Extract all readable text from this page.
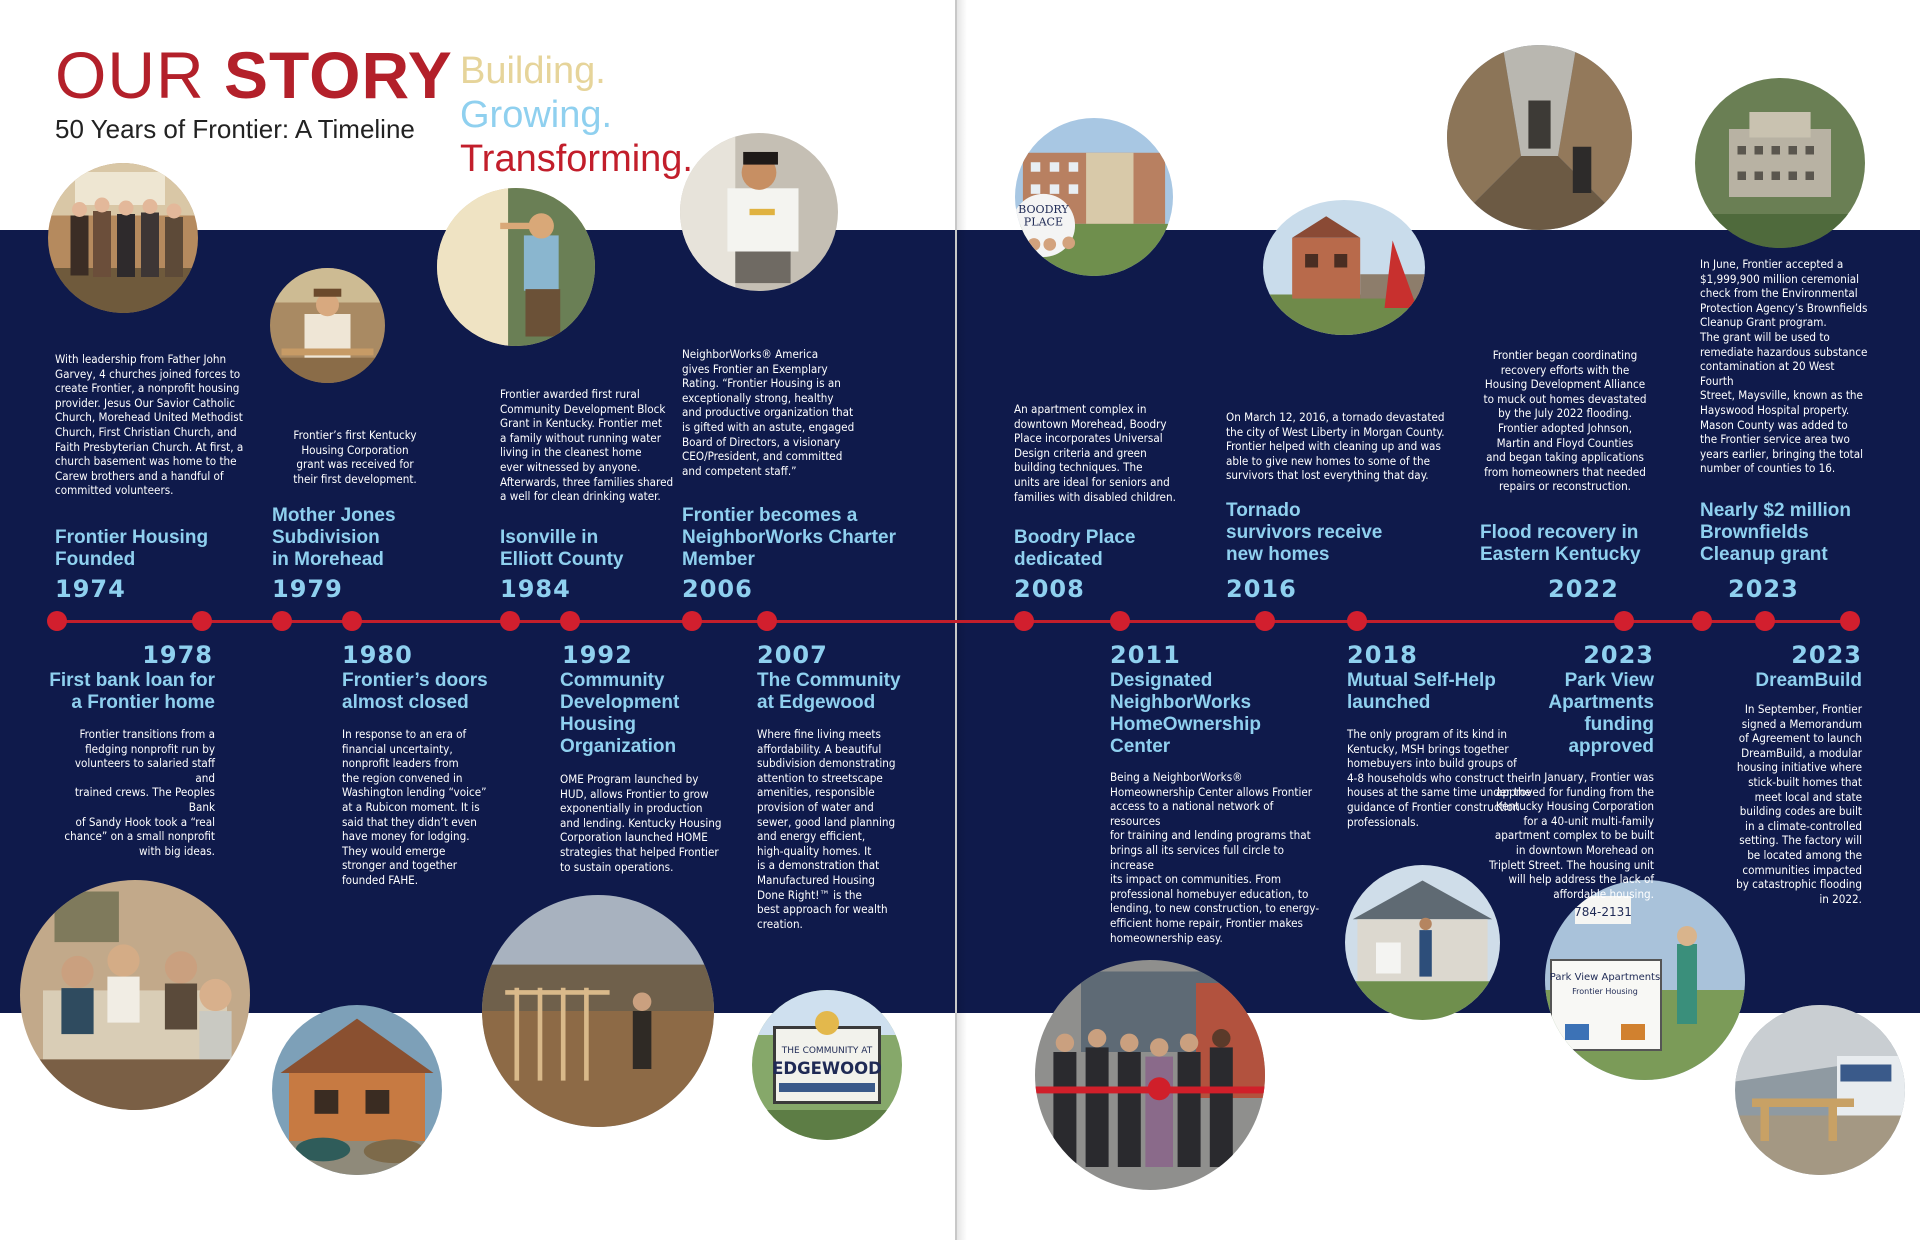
OUR STORY
50 Years of Frontier: A Timeline
Building.
Growing.
Transforming.
BOODRY
PLACE
THE COMMUNITY AT
EDGEWOOD
784-2131
Park View Apartments
Frontier Housing
With leadership from Father John
Garvey, 4 churches joined forces to
create Frontier, a nonprofit housing
provider. Jesus Our Savior Catholic
Church, Morehead United Methodist
Church, First Christian Church, and
Faith Presbyterian Church. At first, a
church basement was home to the
Carew brothers and a handful of
committed volunteers.
Frontier Housing
Founded
1974
Frontier’s first Kentucky
Housing Corporation
grant was received for
their first development.
Mother Jones
Subdivision
in Morehead
1979
Frontier awarded first rural
Community Development Block
Grant in Kentucky. Frontier met
a family without running water
living in the cleanest home
ever witnessed by anyone.
Afterwards, three families shared
a well for clean drinking water.
Isonville in
Elliott County
1984
NeighborWorks® America
gives Frontier an Exemplary
Rating. “Frontier Housing is an
exceptionally strong, healthy
and productive organization that
is gifted with an astute, engaged
Board of Directors, a visionary
CEO/President, and committed
and competent staff.”
Frontier becomes a
NeighborWorks Charter
Member
2006
An apartment complex in
downtown Morehead, Boodry
Place incorporates Universal
Design criteria and green
building techniques. The
units are ideal for seniors and
families with disabled children.
Boodry Place
dedicated
2008
On March 12, 2016, a tornado devastated
the city of West Liberty in Morgan County.
Frontier helped with cleaning up and was
able to give new homes to some of the
survivors that lost everything that day.
Tornado
survivors receive
new homes
2016
Frontier began coordinating
recovery efforts with the
Housing Development Alliance
to muck out homes devastated
by the July 2022 flooding.
Frontier adopted Johnson,
Martin and Floyd Counties
and began taking applications
from homeowners that needed
repairs or reconstruction.
Flood recovery in
Eastern Kentucky
2022
In June, Frontier accepted a
$1,999,900 million ceremonial
check from the Environmental
Protection Agency’s Brownfields
Cleanup Grant program.
The grant will be used to
remediate hazardous substance
contamination at 20 West Fourth
Street, Maysville, known as the
Hayswood Hospital property.
Mason County was added to
the Frontier service area two
years earlier, bringing the total
number of counties to 16.
Nearly $2 million
Brownfields
Cleanup grant
2023
1978
First bank loan for
a Frontier home
Frontier transitions from a
fledging nonprofit run by
volunteers to salaried staff and
trained crews. The Peoples Bank
of Sandy Hook took a “real
chance” on a small nonprofit
with big ideas.
1980
Frontier’s doors
almost closed
In response to an era of
financial uncertainty,
nonprofit leaders from
the region convened in
Washington lending “voice”
at a Rubicon moment. It is
said that they didn’t even
have money for lodging.
They would emerge
stronger and together
founded FAHE.
1992
Community
Development
Housing
Organization
OME Program launched by
HUD, allows Frontier to grow
exponentially in production
and lending. Kentucky Housing
Corporation launched HOME
strategies that helped Frontier
to sustain operations.
2007
The Community
at Edgewood
Where fine living meets
affordability. A beautiful
subdivision demonstrating
attention to streetscape
amenities, responsible
provision of water and
sewer, good land planning
and energy efficient,
high-quality homes. It
is a demonstration that
Manufactured Housing
Done Right!™ is the
best approach for wealth
creation.
2011
Designated
NeighborWorks
HomeOwnership
Center
Being a NeighborWorks®
Homeownership Center allows Frontier
access to a national network of resources
for training and lending programs that
brings all its services full circle to increase
its impact on communities. From
professional homebuyer education, to
lending, to new construction, to energy-
efficient home repair, Frontier makes
homeownership easy.
2018
Mutual Self-Help
launched
The only program of its kind in
Kentucky, MSH brings together
homebuyers into build groups of
4-8 households who construct their
houses at the same time under the
guidance of Frontier construction
professionals.
2023
Park View
Apartments
funding
approved
In January, Frontier was
approved for funding from the
Kentucky Housing Corporation
for a 40-unit multi-family
apartment complex to be built
in downtown Morehead on
Triplett Street. The housing unit
will help address the lack of
affordable housing.
2023
DreamBuild
In September, Frontier
signed a Memorandum
of Agreement to launch
DreamBuild, a modular
housing initiative where
stick-built homes that
meet local and state
building codes are built
in a climate-controlled
setting. The factory will
be located among the
communities impacted
by catastrophic flooding
in 2022.
